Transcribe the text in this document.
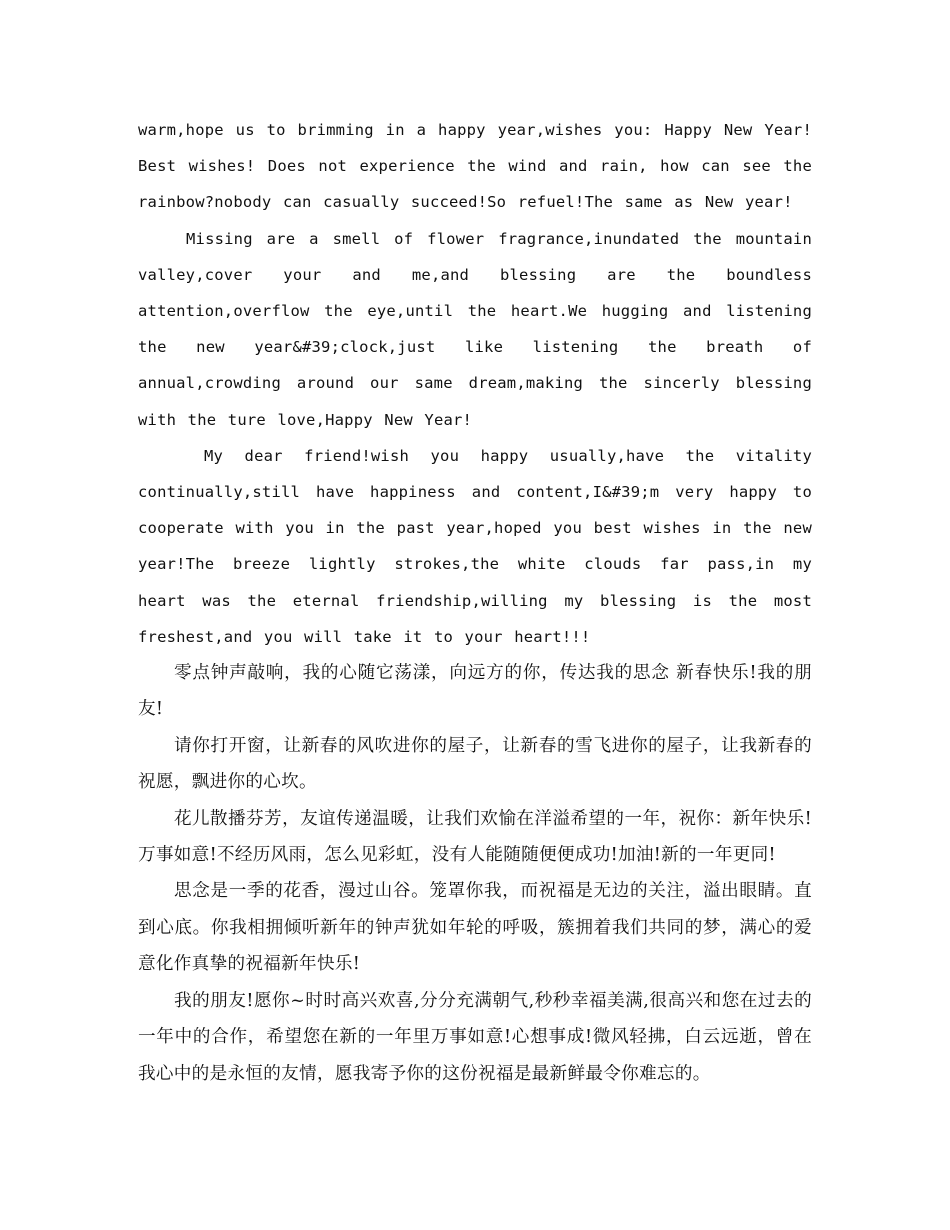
warm,hope us to brimming in a happy year,wishes you: Happy New Year! Best wishes! Does not experience the wind and rain, how can see the rainbow?nobody can casually succeed!So refuel!The same as New year!

Missing are a smell of flower fragrance,inundated the mountain valley,cover your and me,and blessing are the boundless attention,overflow the eye,until the heart.We hugging and listening the new year&#39;clock,just like listening the breath of annual,crowding around our same dream,making the sincerly blessing with the ture love,Happy New Year!

My dear friend!wish you happy usually,have the vitality continually,still have happiness and content,I&#39;m very happy to cooperate with you in the past year,hoped you best wishes in the new year!The breeze lightly strokes,the white clouds far pass,in my heart was the eternal friendship,willing my blessing is the most freshest,and you will take it to your heart!!!

零点钟声敲响，我的心随它荡漾，向远方的你，传达我的思念 新春快乐!我的朋友!

请你打开窗，让新春的风吹进你的屋子，让新春的雪飞进你的屋子，让我新春的祝愿，飘进你的心坎。

花儿散播芬芳，友谊传递温暖，让我们欢愉在洋溢希望的一年，祝你：新年快乐!万事如意!不经历风雨，怎么见彩虹，没有人能随随便便成功!加油!新的一年更同!

思念是一季的花香，漫过山谷。笼罩你我，而祝福是无边的关注，溢出眼睛。直到心底。你我相拥倾听新年的钟声犹如年轮的呼吸，簇拥着我们共同的梦，满心的爱意化作真挚的祝福新年快乐!

我的朋友!愿你~时时高兴欢喜,分分充满朝气,秒秒幸福美满,很高兴和您在过去的一年中的合作，希望您在新的一年里万事如意!心想事成!微风轻拂，白云远逝，曾在我心中的是永恒的友情，愿我寄予你的这份祝福是最新鲜最令你难忘的。
